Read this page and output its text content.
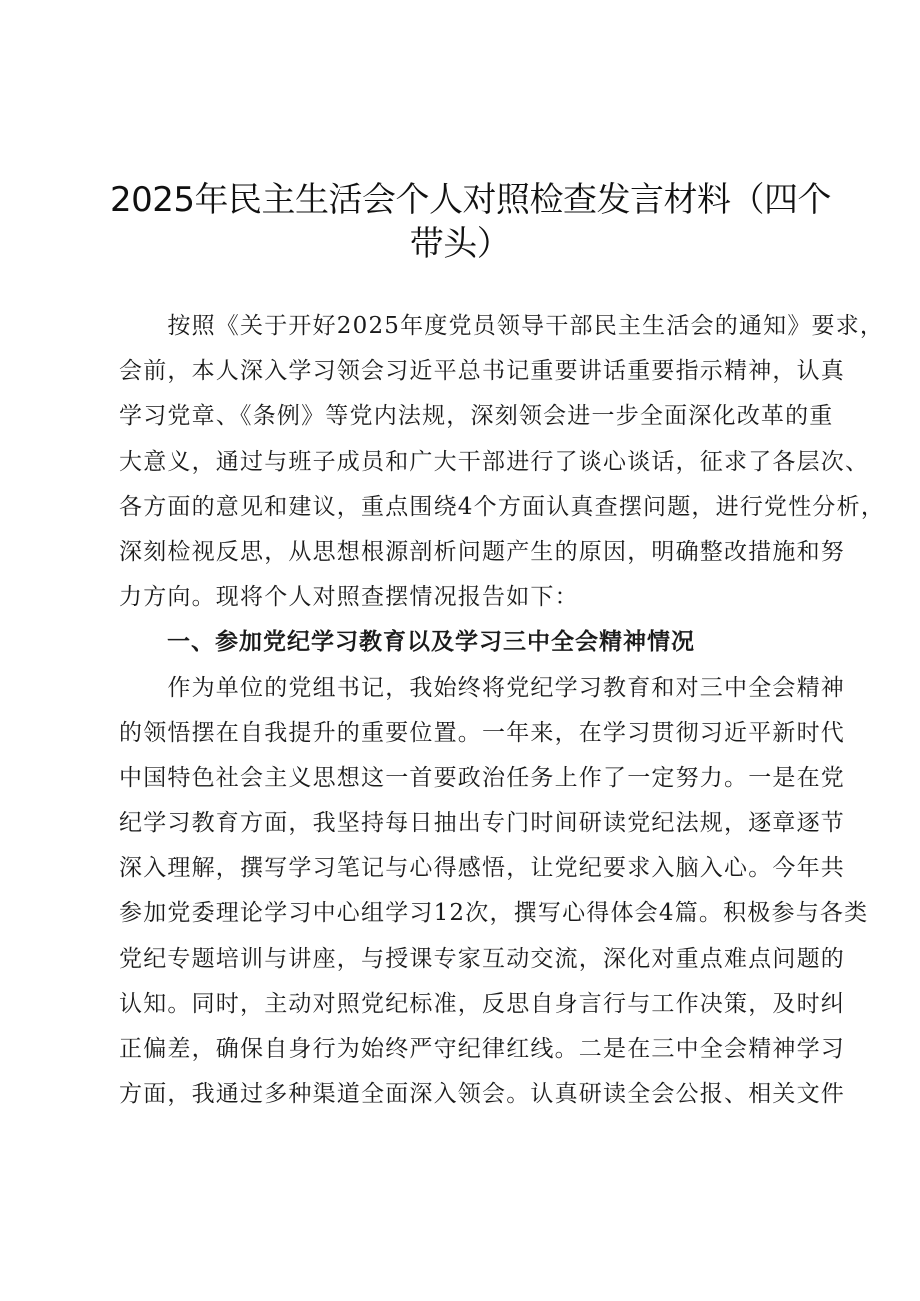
2025年民主生活会个人对照检查发言材料（四个
带头）
　　按照《关于开好2025年度党员领导干部民主生活会的通知》要求，
会前，本人深入学习领会习近平总书记重要讲话重要指示精神，认真
学习党章、《条例》等党内法规，深刻领会进一步全面深化改革的重
大意义，通过与班子成员和广大干部进行了谈心谈话，征求了各层次、
各方面的意见和建议，重点围绕4个方面认真查摆问题，进行党性分析，
深刻检视反思，从思想根源剖析问题产生的原因，明确整改措施和努
力方向。现将个人对照查摆情况报告如下：
　　一、参加党纪学习教育以及学习三中全会精神情况
　　作为单位的党组书记，我始终将党纪学习教育和对三中全会精神
的领悟摆在自我提升的重要位置。一年来，在学习贯彻习近平新时代
中国特色社会主义思想这一首要政治任务上作了一定努力。一是在党
纪学习教育方面，我坚持每日抽出专门时间研读党纪法规，逐章逐节
深入理解，撰写学习笔记与心得感悟，让党纪要求入脑入心。今年共
参加党委理论学习中心组学习12次，撰写心得体会4篇。积极参与各类
党纪专题培训与讲座，与授课专家互动交流，深化对重点难点问题的
认知。同时，主动对照党纪标准，反思自身言行与工作决策，及时纠
正偏差，确保自身行为始终严守纪律红线。二是在三中全会精神学习
方面，我通过多种渠道全面深入领会。认真研读全会公报、相关文件
